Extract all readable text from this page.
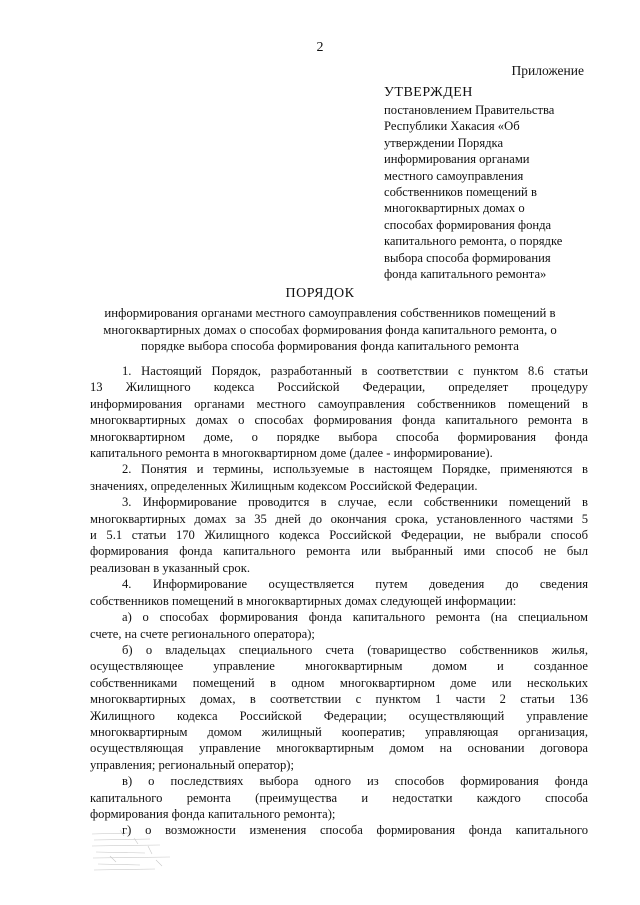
2
Приложение
УТВЕРЖДЕН
постановлением Правительства
Республики Хакасия «Об
утверждении Порядка
информирования органами
местного самоуправления
собственников помещений в
многоквартирных домах о
способах формирования фонда
капитального ремонта, о порядке
выбора способа формирования
фонда капитального ремонта»
ПОРЯДОК
информирования органами местного самоуправления собственников помещений в
многоквартирных домах о способах формирования фонда капитального ремонта, о
порядке выбора способа формирования фонда капитального ремонта
1. Настоящий Порядок, разработанный в соответствии с пунктом 8.6 статьи
13 Жилищного кодекса Российской Федерации, определяет процедуру
информирования органами местного самоуправления собственников помещений в
многоквартирных домах о способах формирования фонда капитального ремонта в
многоквартирном доме, о порядке выбора способа формирования фонда
капитального ремонта в многоквартирном доме (далее - информирование).
2. Понятия и термины, используемые в настоящем Порядке, применяются в
значениях, определенных Жилищным кодексом Российской Федерации.
3. Информирование проводится в случае, если собственники помещений в
многоквартирных домах за 35 дней до окончания срока, установленного частями 5
и 5.1 статьи 170 Жилищного кодекса Российской Федерации, не выбрали способ
формирования фонда капитального ремонта или выбранный ими способ не был
реализован в указанный срок.
4. Информирование осуществляется путем доведения до сведения
собственников помещений в многоквартирных домах следующей информации:
а) о способах формирования фонда капитального ремонта (на специальном
счете, на счете регионального оператора);
б) о владельцах специального счета (товарищество собственников жилья,
осуществляющее управление многоквартирным домом и созданное
собственниками помещений в одном многоквартирном доме или нескольких
многоквартирных домах, в соответствии с пунктом 1 части 2 статьи 136
Жилищного кодекса Российской Федерации; осуществляющий управление
многоквартирным домом жилищный кооператив; управляющая организация,
осуществляющая управление многоквартирным домом на основании договора
управления; региональный оператор);
в) о последствиях выбора одного из способов формирования фонда
капитального ремонта (преимущества и недостатки каждого способа
формирования фонда капитального ремонта);
г) о возможности изменения способа формирования фонда капитального
